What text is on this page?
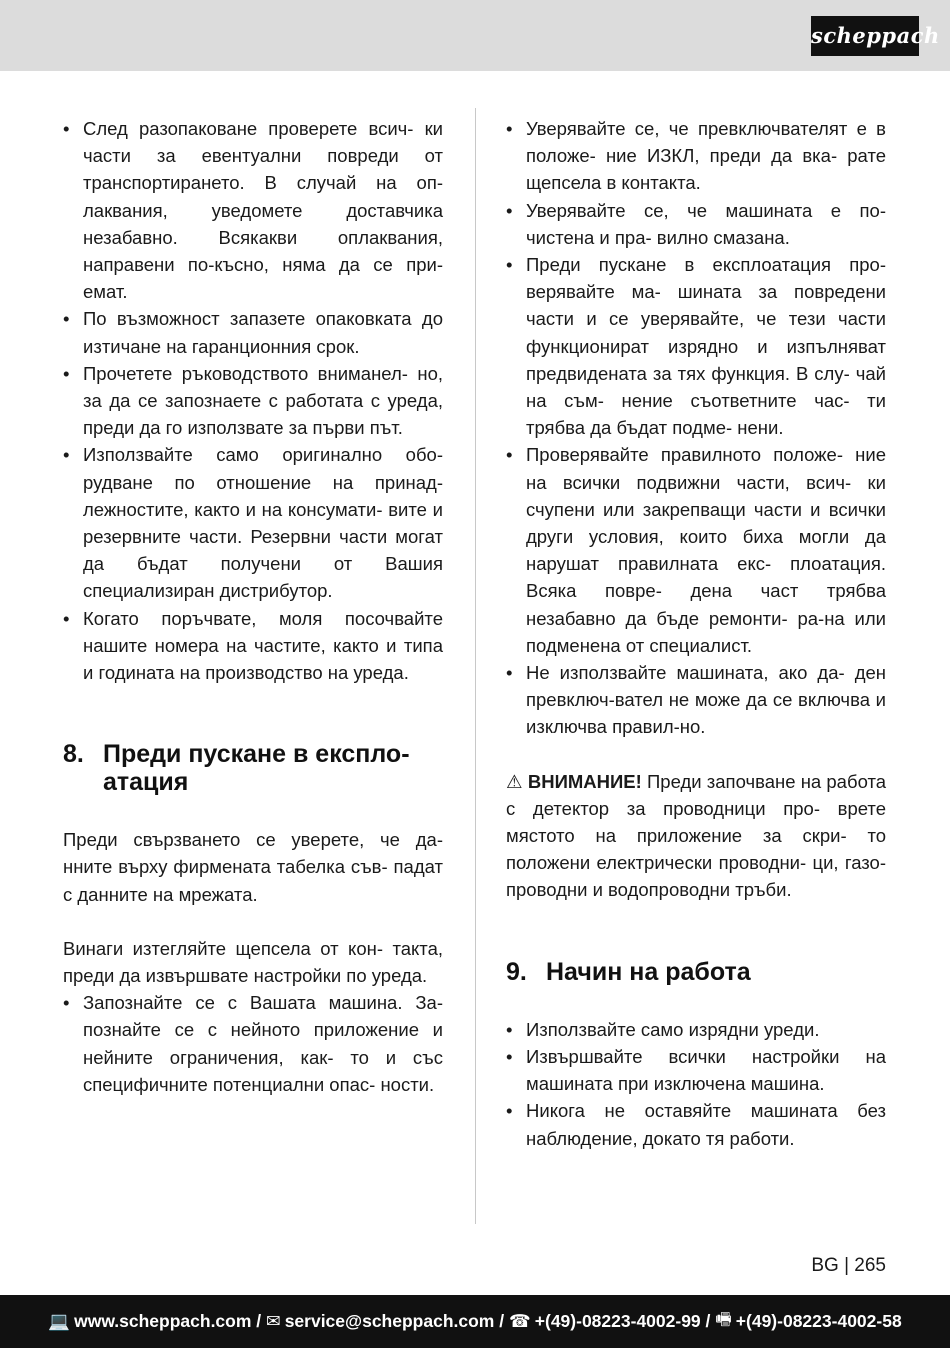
scheppach
• След разопаковане проверете всич- ки части за евентуални повреди от транспортирането. В случай на оп- лаквания, уведомете доставчика незабавно. Всякакви оплаквания, направени по-късно, няма да се при- емат.
• По възможност запазете опаковката до изтичане на гаранционния срок.
• Прочетете ръководството вниманел- но, за да се запознаете с работата с уреда, преди да го използвате за първи път.
• Използвайте само оригинално обо- рудване по отношение на принад- лежностите, както и на консумати- вите и резервните части. Резервни части могат да бъдат получени от Вашия специализиран дистрибутор.
• Когато поръчвате, моля посочвайте нашите номера на частите, както и типа и годината на производство на уреда.
8. Преди пускане в експло- атация

Преди свързването се уверете, че да- нните върху фирмената табелка съв- падат с данните на мрежата.

Винаги изтегляйте щепсела от кон- такта, преди да извършвате настройки по уреда.

• Запознайте се с Вашата машина. За- познайте се с нейното приложение и нейните ограничения, как- то и със специфичните потенциални опас- ности.
• Уверявайте се, че превключвателят е в положе- ние ИЗКЛ, преди да вка- рате щепсела в контакта.
• Уверявайте се, че машината е по- чистена и пра- вилно смазана.
• Преди пускане в експлоатация про- верявайте ма- шината за повредени части и се уверявайте, че тези части функционират изрядно и изпълняват предвидената за тях функция. В слу- чай на съм- нение съответните час- ти трябва да бъдат подме- нени.
• Проверявайте правилното положе- ние на всички подвижни части, всич- ки счупени или закрепващи части и всички други условия, които биха могли да нарушат правилната екс- плоатация. Всяка повре- дена част трябва незабавно да бъде ремонти- ра-на или подменена от специалист.
• Не използвайте машината, ако да- ден превключ-вател не може да се включва и изключва правил-но.

⚠ ВНИМАНИЕ! Преди започване на работа с детектор за проводници про- врете мястото на приложение за скри- то положени електрически проводни- ци, газо- проводни и водопроводни тръби.

9. Начин на работа
• Използвайте само изрядни уреди.
• Извършвайте всички настройки на машината при изключена машина.
• Никога не оставяйте машината без наблюдение, докато тя работи.
BG | 265
💻 www.scheppach.com /
✉ service@scheppach.com /
☎ +(49)-08223-4002-99 /
🖷 +(49)-08223-4002-58
